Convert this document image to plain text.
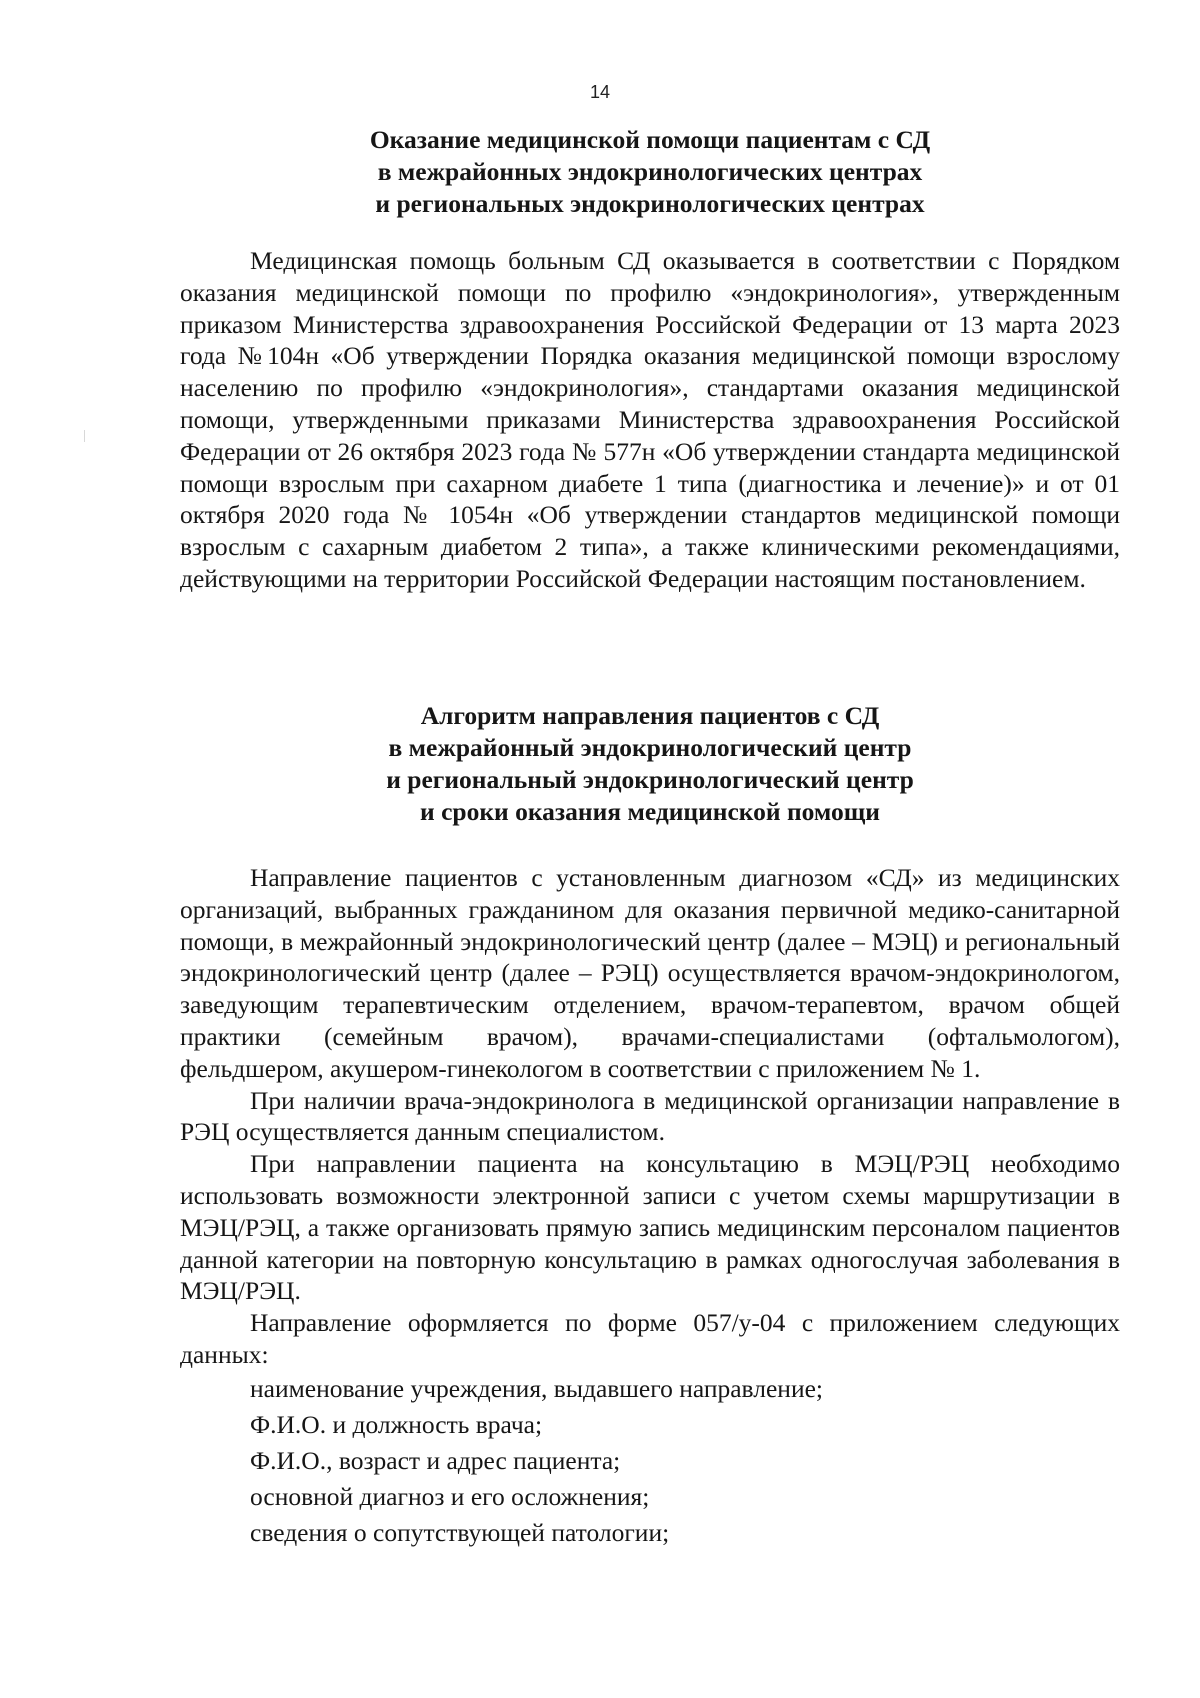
14
Оказание медицинской помощи пациентам с СД
в межрайонных эндокринологических центрах
и региональных эндокринологических центрах

Медицинская помощь больным СД оказывается в соответствии с Порядком оказания медицинской помощи по профилю «эндокринология», утвержденным приказом Министерства здравоохранения Российской Федерации от 13 марта 2023 года №104н «Об утверждении Порядка оказания медицинской помощи взрослому населению по профилю «эндокринология», стандартами оказания медицинской помощи, утвержденными приказами Министерства здравоохранения Российской Федерации от 26 октября 2023 года № 577н «Об утверждении стандарта медицинской помощи взрослым при сахарном диабете 1 типа (диагностика и лечение)» и от 01 октября 2020 года № 1054н «Об утверждении стандартов медицинской помощи взрослым с сахарным диабетом 2 типа», а также клиническими рекомендациями, действующими на территории Российской Федерации настоящим постановлением.

Алгоритм направления пациентов с СД
в межрайонный эндокринологический центр
и региональный эндокринологический центр
и сроки оказания медицинской помощи

Направление пациентов с установленным диагнозом «СД» из медицинских организаций, выбранных гражданином для оказания первичной медико-санитарной помощи, в межрайонный эндокринологический центр (далее – МЭЦ) и региональный эндокринологический центр (далее – РЭЦ) осуществляется врачом-эндокринологом, заведующим терапевтическим отделением, врачом-терапевтом, врачом общей практики (семейным врачом), врачами-специалистами (офтальмологом), фельдшером, акушером-гинекологом в соответствии с приложением № 1.

При наличии врача-эндокринолога в медицинской организации направление в РЭЦ осуществляется данным специалистом.

При направлении пациента на консультацию в МЭЦ/РЭЦ необходимо использовать возможности электронной записи с учетом схемы маршрутизации в МЭЦ/РЭЦ, а также организовать прямую запись медицинским персоналом пациентов данной категории на повторную консультацию в рамках одногослучая заболевания в МЭЦ/РЭЦ.

Направление оформляется по форме 057/у-04 с приложением следующих данных:

наименование учреждения, выдавшего направление;
Ф.И.О. и должность врача;
Ф.И.О., возраст и адрес пациента;
основной диагноз и его осложнения;
сведения о сопутствующей патологии;
